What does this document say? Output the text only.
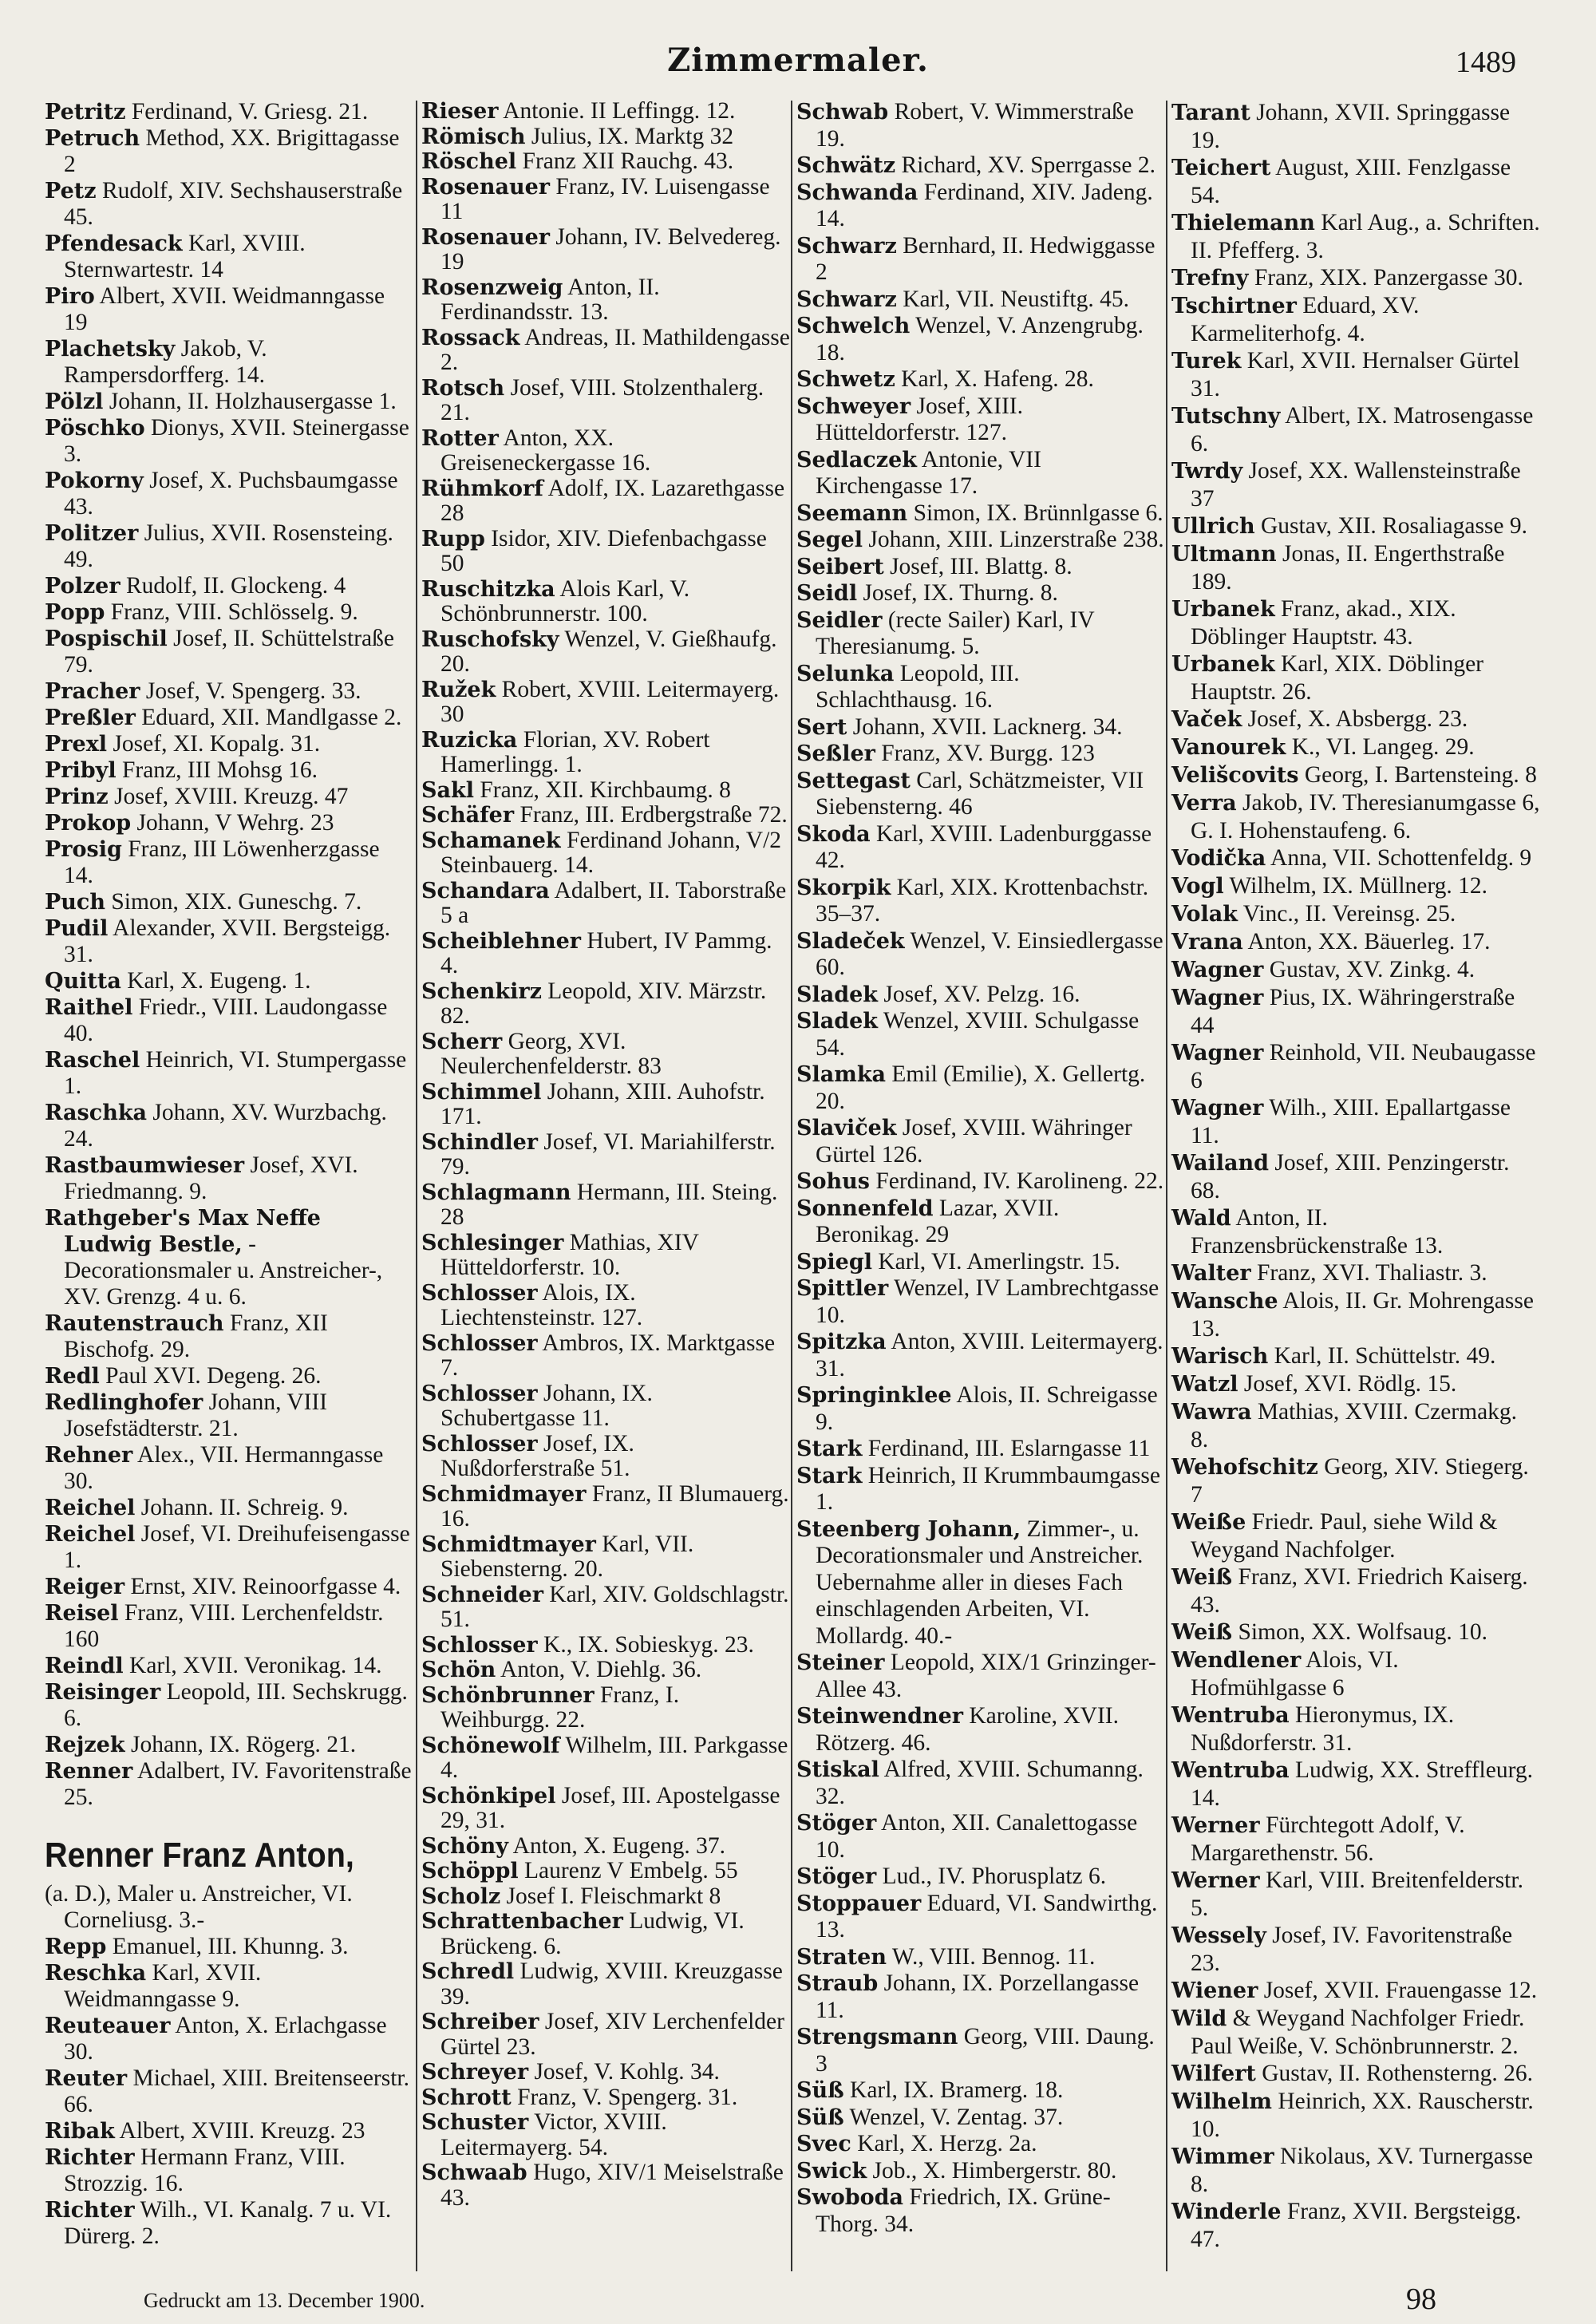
Zimmermaler.	1489

Petritz Ferdinand, V. Griesg. 21.

Petruch Method, XX. Brigittagasse 2

Petz Rudolf, XIV. Sechshauserstraße 45.

Pfendesack Karl, XVIII. Sternwartestr. 14

Piro Albert, XVII. Weidmanngasse 19

Plachetsky Jakob, V. Rampersdorfferg. 14.

Pölzl Johann, II. Holzhausergasse 1.

Pöschko Dionys, XVII. Steinergasse 3.

Pokorny Josef, X. Puchsbaumgasse 43.

Politzer Julius, XVII. Rosensteing. 49.

Polzer Rudolf, II. Glockeng. 4

Popp Franz, VIII. Schlösselg. 9.

Pospischil Josef, II. Schüttelstraße 79.

Pracher Josef, V. Spengerg. 33.

Preßler Eduard, XII. Mandlgasse 2.

Prexl Josef, XI. Kopalg. 31.

Pribyl Franz, III Mohsg 16.

Prinz Josef, XVIII. Kreuzg. 47

Prokop Johann, V Wehrg. 23

Prosig Franz, III Löwenherzgasse 14.

Puch Simon, XIX. Guneschg. 7.

Pudil Alexander, XVII. Bergsteigg. 31.

Quitta Karl, X. Eugeng. 1.

Raithel Friedr., VIII. Laudongasse 40.

Raschel Heinrich, VI. Stumpergasse 1.

Raschka Johann, XV. Wurzbachg. 24.

Rastbaumwieser Josef, XVI. Friedmanng. 9.

Rathgeber's Max Neffe Ludwig Bestle, -Decorationsmaler u. Anstreicher-, XV. Grenzg. 4 u. 6.

Rautenstrauch Franz, XII Bischofg. 29.

Redl Paul XVI. Degeng. 26.

Redlinghofer Johann, VIII Josefstädterstr. 21.

Rehner Alex., VII. Hermanngasse 30.

Reichel Johann. II. Schreig. 9.

Reichel Josef, VI. Dreihufeisengasse 1.

Reiger Ernst, XIV. Reinoorfgasse 4.

Reisel Franz, VIII. Lerchenfeldstr. 160

Reindl Karl, XVII. Veronikag. 14.

Reisinger Leopold, III. Sechskrugg. 6.

Rejzek Johann, IX. Rögerg. 21.

Renner Adalbert, IV. Favoritenstraße 25.

Renner Franz Anton,
(a. D.), Maler u. Anstreicher, VI. Corneliusg. 3.-

Repp Emanuel, III. Khunng. 3.

Reschka Karl, XVII. Weidmanngasse 9.

Reuteauer Anton, X. Erlachgasse 30.

Reuter Michael, XIII. Breitenseerstr. 66.

Ribak Albert, XVIII. Kreuzg. 23

Richter Hermann Franz, VIII. Strozzig. 16.

Richter Wilh., VI. Kanalg. 7 u. VI. Dürerg. 2.

Rieser Antonie. II Leffingg. 12.

Römisch Julius, IX. Marktg 32

Röschel Franz XII Rauchg. 43.

Rosenauer Franz, IV. Luisengasse 11

Rosenauer Johann, IV. Belvedereg. 19

Rosenzweig Anton, II. Ferdinandsstr. 13.

Rossack Andreas, II. Mathildengasse 2.

Rotsch Josef, VIII. Stolzenthalerg. 21.

Rotter Anton, XX. Greiseneckergasse 16.

Rühmkorf Adolf, IX. Lazarethgasse 28

Rupp Isidor, XIV. Diefenbachgasse 50

Ruschitzka Alois Karl, V. Schönbrunnerstr. 100.

Ruschofsky Wenzel, V. Gießhaufg. 20.

Ružek Robert, XVIII. Leitermayerg. 30

Ruzicka Florian, XV. Robert Hamerlingg. 1.

Sakl Franz, XII. Kirchbaumg. 8

Schäfer Franz, III. Erdbergstraße 72.

Schamanek Ferdinand Johann, V/2 Steinbauerg. 14.

Schandara Adalbert, II. Taborstraße 5 a

Scheiblehner Hubert, IV Pammg. 4.

Schenkirz Leopold, XIV. Märzstr. 82.

Scherr Georg, XVI. Neulerchenfelderstr. 83

Schimmel Johann, XIII. Auhofstr. 171.

Schindler Josef, VI. Mariahilferstr. 79.

Schlagmann Hermann, III. Steing. 28

Schlesinger Mathias, XIV Hütteldorferstr. 10.

Schlosser Alois, IX. Liechtensteinstr. 127.

Schlosser Ambros, IX. Marktgasse 7.

Schlosser Johann, IX. Schubertgasse 11.

Schlosser Josef, IX. Nußdorferstraße 51.

Schmidmayer Franz, II Blumauerg. 16.

Schmidtmayer Karl, VII. Siebensterng. 20.

Schneider Karl, XIV. Goldschlagstr. 51.

Schlosser K., IX. Sobieskyg. 23.

Schön Anton, V. Diehlg. 36.

Schönbrunner Franz, I. Weihburgg. 22.

Schönewolf Wilhelm, III. Parkgasse 4.

Schönkipel Josef, III. Apostelgasse 29, 31.

Schöny Anton, X. Eugeng. 37.

Schöppl Laurenz V Embelg. 55

Scholz Josef I. Fleischmarkt 8

Schrattenbacher Ludwig, VI. Brückeng. 6.

Schredl Ludwig, XVIII. Kreuzgasse 39.

Schreiber Josef, XIV Lerchenfelder Gürtel 23.

Schreyer Josef, V. Kohlg. 34.

Schrott Franz, V. Spengerg. 31.

Schuster Victor, XVIII. Leitermayerg. 54.

Schwaab Hugo, XIV/1 Meiselstraße 43.

Schwab Robert, V. Wimmerstraße 19.

Schwätz Richard, XV. Sperrgasse 2.

Schwanda Ferdinand, XIV. Jadeng. 14.

Schwarz Bernhard, II. Hedwiggasse 2

Schwarz Karl, VII. Neustiftg. 45.

Schwelch Wenzel, V. Anzengrubg. 18.

Schwetz Karl, X. Hafeng. 28.

Schweyer Josef, XIII. Hütteldorferstr. 127.

Sedlaczek Antonie, VII Kirchengasse 17.

Seemann Simon, IX. Brünnlgasse 6.

Segel Johann, XIII. Linzerstraße 238.

Seibert Josef, III. Blattg. 8.

Seidl Josef, IX. Thurng. 8.

Seidler (recte Sailer) Karl, IV Theresianumg. 5.

Selunka Leopold, III. Schlachthausg. 16.

Sert Johann, XVII. Lacknerg. 34.

Seßler Franz, XV. Burgg. 123

Settegast Carl, Schätzmeister, VII Siebensterng. 46

Skoda Karl, XVIII. Ladenburggasse 42.

Skorpik Karl, XIX. Krottenbachstr. 35–37.

Sladeček Wenzel, V. Einsiedlergasse 60.

Sladek Josef, XV. Pelzg. 16.

Sladek Wenzel, XVIII. Schulgasse 54.

Slamka Emil (Emilie), X. Gellertg. 20.

Slaviček Josef, XVIII. Währinger Gürtel 126.

Sohus Ferdinand, IV. Karolineng. 22.

Sonnenfeld Lazar, XVII. Beronikag. 29

Spiegl Karl, VI. Amerlingstr. 15.

Spittler Wenzel, IV Lambrechtgasse 10.

Spitzka Anton, XVIII. Leitermayerg. 31.

Springinklee Alois, II. Schreigasse 9.

Stark Ferdinand, III. Eslarngasse 11

Stark Heinrich, II Krummbaumgasse 1.

Steenberg Johann, Zimmer-, u. Decorationsmaler und Anstreicher. Uebernahme aller in dieses Fach einschlagenden Arbeiten, VI. Mollardg. 40.-

Steiner Leopold, XIX/1 Grinzinger-Allee 43.

Steinwendner Karoline, XVII. Rötzerg. 46.

Stiskal Alfred, XVIII. Schumanng. 32.

Stöger Anton, XII. Canalettogasse 10.

Stöger Lud., IV. Phorusplatz 6.

Stoppauer Eduard, VI. Sandwirthg. 13.

Straten W., VIII. Bennog. 11.

Straub Johann, IX. Porzellangasse 11.

Strengsmann Georg, VIII. Daung. 3

Süß Karl, IX. Bramerg. 18.

Süß Wenzel, V. Zentag. 37.

Svec Karl, X. Herzg. 2a.

Swick Job., X. Himbergerstr. 80.

Swoboda Friedrich, IX. Grüne-Thorg. 34.

Tarant Johann, XVII. Springgasse 19.

Teichert August, XIII. Fenzlgasse 54.

Thielemann Karl Aug., a. Schriften. II. Pfefferg. 3.

Trefny Franz, XIX. Panzergasse 30.

Tschirtner Eduard, XV. Karmeliterhofg. 4.

Turek Karl, XVII. Hernalser Gürtel 31.

Tutschny Albert, IX. Matrosengasse 6.

Twrdy Josef, XX. Wallensteinstraße 37

Ullrich Gustav, XII. Rosaliagasse 9.

Ultmann Jonas, II. Engerthstraße 189.

Urbanek Franz, akad., XIX. Döblinger Hauptstr. 43.

Urbanek Karl, XIX. Döblinger Hauptstr. 26.

Vaček Josef, X. Absbergg. 23.

Vanourek K., VI. Langeg. 29.

Velišcovits Georg, I. Bartensteing. 8

Verra Jakob, IV. Theresianumgasse 6, G. I. Hohenstaufeng. 6.

Vodička Anna, VII. Schottenfeldg. 9

Vogl Wilhelm, IX. Müllnerg. 12.

Volak Vinc., II. Vereinsg. 25.

Vrana Anton, XX. Bäuerleg. 17.

Wagner Gustav, XV. Zinkg. 4.

Wagner Pius, IX. Währingerstraße 44

Wagner Reinhold, VII. Neubaugasse 6

Wagner Wilh., XIII. Epallartgasse 11.

Wailand Josef, XIII. Penzingerstr. 68.

Wald Anton, II. Franzensbrückenstraße 13.

Walter Franz, XVI. Thaliastr. 3.

Wansche Alois, II. Gr. Mohrengasse 13.

Warisch Karl, II. Schüttelstr. 49.

Watzl Josef, XVI. Rödlg. 15.

Wawra Mathias, XVIII. Czermakg. 8.

Wehofschitz Georg, XIV. Stiegerg. 7

Weiße Friedr. Paul, siehe Wild & Weygand Nachfolger.

Weiß Franz, XVI. Friedrich Kaiserg. 43.

Weiß Simon, XX. Wolfsaug. 10.

Wendlener Alois, VI. Hofmühlgasse 6

Wentruba Hieronymus, IX. Nußdorferstr. 31.

Wentruba Ludwig, XX. Streffleurg. 14.

Werner Fürchtegott Adolf, V. Margarethenstr. 56.

Werner Karl, VIII. Breitenfelderstr. 5.

Wessely Josef, IV. Favoritenstraße 23.

Wiener Josef, XVII. Frauengasse 12.

Wild & Weygand Nachfolger Friedr. Paul Weiße, V. Schönbrunnerstr. 2.

Wilfert Gustav, II. Rothensterng. 26.

Wilhelm Heinrich, XX. Rauscherstr. 10.

Wimmer Nikolaus, XV. Turnergasse 8.

Winderle Franz, XVII. Bergsteigg. 47.

Gedruckt am 13. December 1900.	98
